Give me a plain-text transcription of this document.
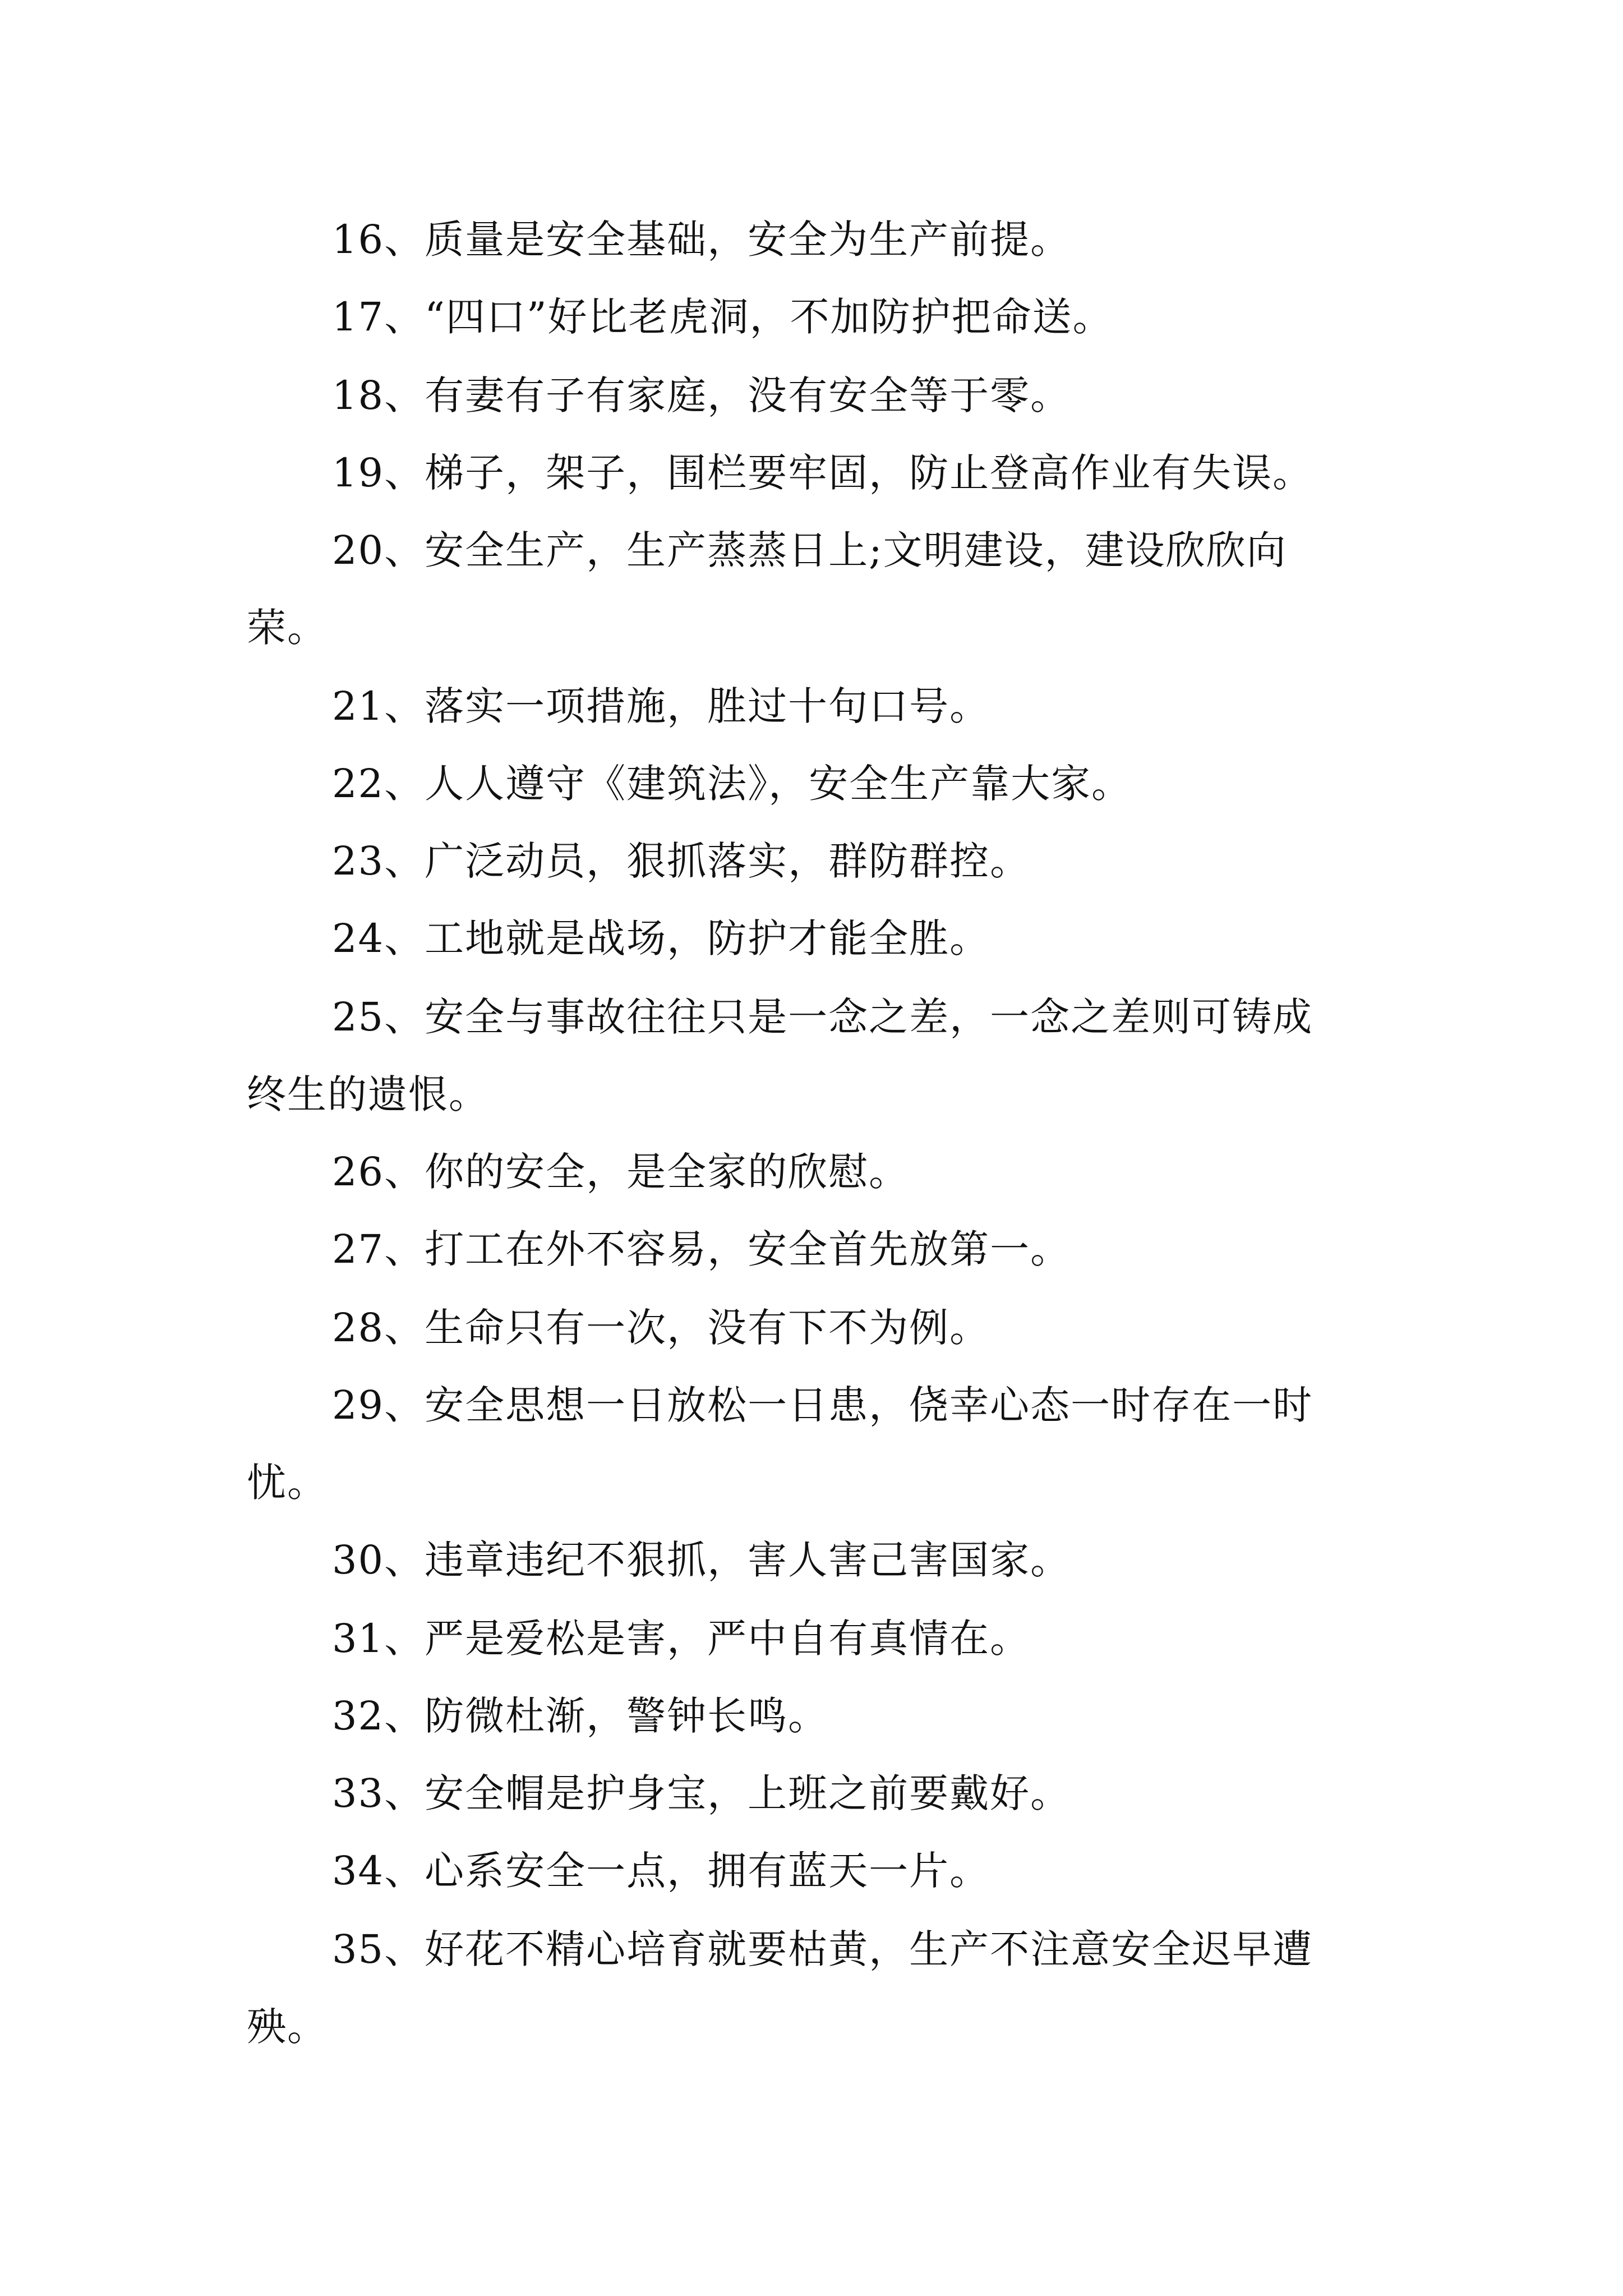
16、质量是安全基础，安全为生产前提。

17、“四口”好比老虎洞，不加防护把命送。

18、有妻有子有家庭，没有安全等于零。

19、梯子，架子，围栏要牢固，防止登高作业有失误。

20、安全生产，生产蒸蒸日上;文明建设，建设欣欣向

荣。

21、落实一项措施，胜过十句口号。

22、人人遵守《建筑法》，安全生产靠大家。

23、广泛动员，狠抓落实，群防群控。

24、工地就是战场，防护才能全胜。

25、安全与事故往往只是一念之差，一念之差则可铸成

终生的遗恨。

26、你的安全，是全家的欣慰。

27、打工在外不容易，安全首先放第一。

28、生命只有一次，没有下不为例。

29、安全思想一日放松一日患，侥幸心态一时存在一时

忧。

30、违章违纪不狠抓，害人害己害国家。

31、严是爱松是害，严中自有真情在。

32、防微杜渐，警钟长鸣。

33、安全帽是护身宝，上班之前要戴好。

34、心系安全一点，拥有蓝天一片。

35、好花不精心培育就要枯黄，生产不注意安全迟早遭

殃。
